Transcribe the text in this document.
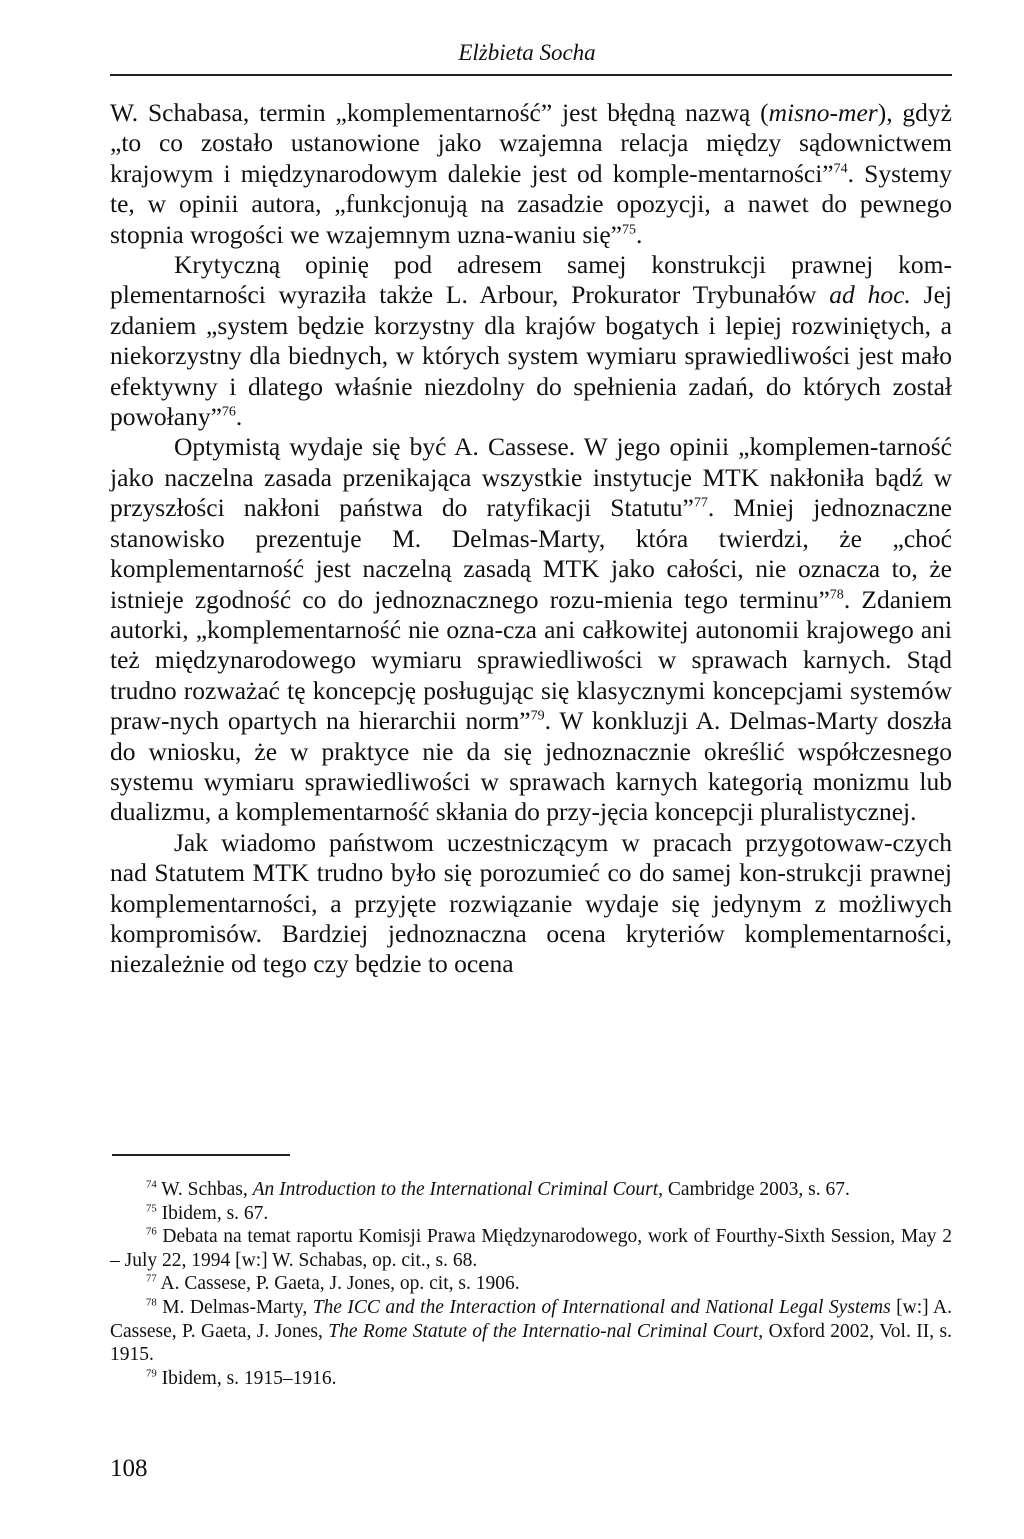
Elżbieta Socha

W. Schabasa, termin „komplementarność” jest błędną nazwą (misno-mer), gdyż „to co zostało ustanowione jako wzajemna relacja między sądownictwem krajowym i międzynarodowym dalekie jest od komple-mentarności”$^{74}$. Systemy te, w opinii autora, „funkcjonują na zasadzie opozycji, a nawet do pewnego stopnia wrogości we wzajemnym uzna-waniu się”$^{75}$.

Krytyczną opinię pod adresem samej konstrukcji prawnej kom-plementarności wyraziła także L. Arbour, Prokurator Trybunałów ad hoc. Jej zdaniem „system będzie korzystny dla krajów bogatych i lepiej rozwiniętych, a niekorzystny dla biednych, w których system wymiaru sprawiedliwości jest mało efektywny i dlatego właśnie niezdolny do spełnienia zadań, do których został powołany”$^{76}$.

Optymistą wydaje się być A. Cassese. W jego opinii „komplemen-tarność jako naczelna zasada przenikająca wszystkie instytucje MTK nakłoniła bądź w przyszłości nakłoni państwa do ratyfikacji Statutu”$^{77}$. Mniej jednoznaczne stanowisko prezentuje M. Delmas-Marty, która twierdzi, że „choć komplementarność jest naczelną zasadą MTK jako całości, nie oznacza to, że istnieje zgodność co do jednoznacznego rozu-mienia tego terminu”$^{78}$. Zdaniem autorki, „komplementarność nie ozna-cza ani całkowitej autonomii krajowego ani też międzynarodowego wymiaru sprawiedliwości w sprawach karnych. Stąd trudno rozważać tę koncepcję posługując się klasycznymi koncepcjami systemów praw-nych opartych na hierarchii norm”$^{79}$. W konkluzji A. Delmas-Marty doszła do wniosku, że w praktyce nie da się jednoznacznie określić współczesnego systemu wymiaru sprawiedliwości w sprawach karnych kategorią monizmu lub dualizmu, a komplementarność skłania do przy-jęcia koncepcji pluralistycznej.

Jak wiadomo państwom uczestniczącym w pracach przygotowaw-czych nad Statutem MTK trudno było się porozumieć co do samej kon-strukcji prawnej komplementarności, a przyjęte rozwiązanie wydaje się jedynym z możliwych kompromisów. Bardziej jednoznaczna ocena kryteriów komplementarności, niezależnie od tego czy będzie to ocena

$^{74}$ W. Schbas, An Introduction to the International Criminal Court, Cambridge 2003, s. 67.

$^{75}$ Ibidem, s. 67.

$^{76}$ Debata na temat raportu Komisji Prawa Międzynarodowego, work of Fourthy-Sixth Session, May 2 – July 22, 1994 [w:] W. Schabas, op. cit., s. 68.

$^{77}$ A. Cassese, P. Gaeta, J. Jones, op. cit, s. 1906.

$^{78}$ M. Delmas-Marty, The ICC and the Interaction of International and National Legal Systems [w:] A. Cassese, P. Gaeta, J. Jones, The Rome Statute of the Internatio-nal Criminal Court, Oxford 2002, Vol. II, s. 1915.

$^{79}$ Ibidem, s. 1915–1916.

108
